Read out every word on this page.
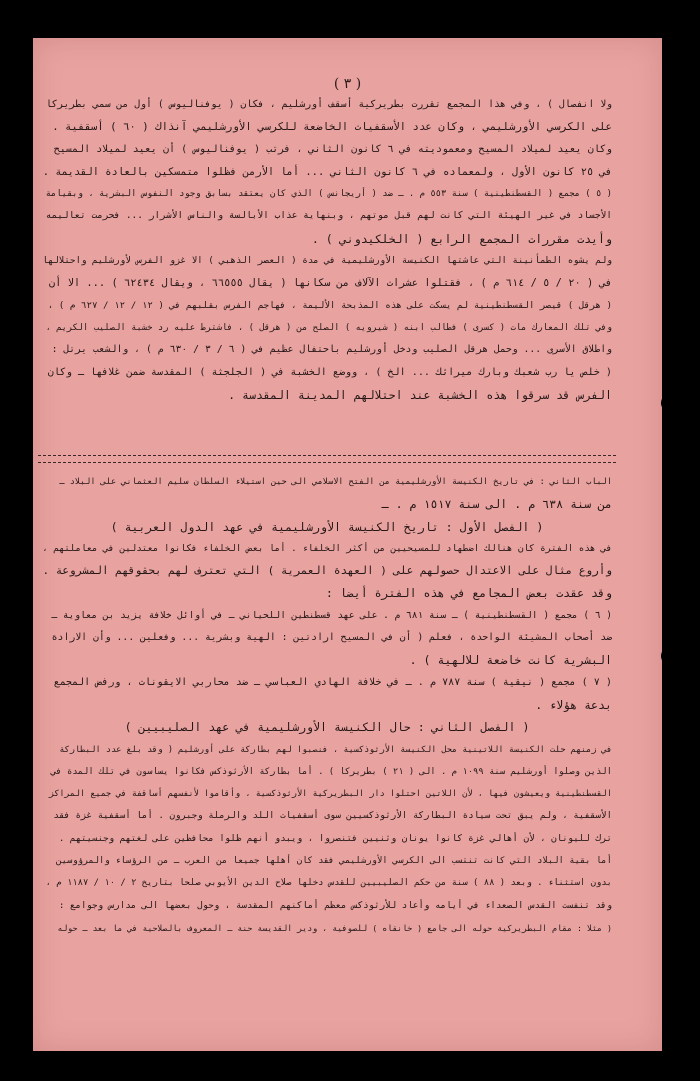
( ٣ )
ولا انفصال ) ، وفي هذا المجمع تقررت بطريركية أسقف أورشليم ، فكان ( يوفناليوس ) أول من سمي بطريركا
على الكرسي الأورشليمي ، وكان عدد الأسقفيات الخاضعة للكرسي الأورشليمي آنذاك ( ٦٠ ) أسقفية .
وكان يعيد لميلاد المسيح ومعموديته في ٦ كانون الثاني ، فرتب ( يوفناليوس ) أن يعيد لميلاد المسيح
في ٢٥ كانون الأول ، ولمعماده في ٦ كانون الثاني ... أما الأرمن فظلوا متمسكين بالعادة القديمة .
( ٥ ) مجمع ( القسطنطينية ) سنة ٥٥٣ م . ـ ضد ( أريجانس ) الذي كان يعتقد بسابق وجود النفوس البشرية ، وبقيامة
الأجساد في غير الهيئة التي كانت لهم قبل موتهم ، وبنهاية عذاب الأبالسة والناس الأشرار ... فحرمت تعاليمه
وأيدت مقررات المجمع الرابع ( الخلكيدوني ) .
ولم يشوه الطمأنينة التي عاشتها الكنيسة الأورشليمية في مدة ( العصر الذهبي ) الا غزو الفرس لأورشليم واحتلالها
في ( ٢٠ / ٥ / ٦١٤ م ) ، فقتلوا عشرات الآلاف من سكانها ( يقال ٦٦٥٥٥ ، ويقال ٦٢٤٣٤ ) ... الا أن
( هرقل ) قيصر القسطنطينية لم يسكت على هذه المذبحة الأليمة ، فهاجم الفرس بقلبهم في ( ١٢ / ١٢ / ٦٢٧ م ) ،
وفي تلك المعارك مات ( كسرى ) فطالب ابنه ( شيرويه ) الصلح من ( هرقل ) ، فاشترط عليه رد خشبة الصليب الكريم ،
واطلاق الأسرى ... وحمل هرقل الصليب ودخل أورشليم باحتفال عظيم في ( ٦ / ٣ / ٦٣٠ م ) ، والشعب يرتل :
( خلص يا رب شعبك وبارك ميراثك ... الخ ) ، ووضع الخشبة في ( الجلجثة ) المقدسة ضمن غلافها ـ وكان
الفرس قد سرقوا هذه الخشبة عند احتلالهم المدينة المقدسة .
الباب الثاني : في تاريخ الكنيسة الأورشليمية من الفتح الاسلامي الى حين استيلاء السلطان سليم العثماني على البلاد ـ
من سنة ٦٣٨ م . الى سنة ١٥١٧ م . ـ
( الفصل الأول : تاريخ الكنيسة الأورشليمية في عهد الدول العربية )
في هذه الفترة كان هنالك اضطهاد للمسيحيين من أكثر الخلفاء . أما بعض الخلفاء فكانوا معتدلين في معاملتهم ،
وأروع مثال على الاعتدال حصولهم على ( العهدة العمرية ) التي تعترف لهم بحقوقهم المشروعة .
وقد عقدت بعض المجامع في هذه الفترة أيضا :
( ٦ ) مجمع ( القسطنطينية ) ـ سنة ٦٨١ م . على عهد قسطنطين اللحياني ـ في أوائل خلافة يزيد بن معاوية ـ
ضد أصحاب المشيئة الواحدة ، فعلم ( أن في المسيح ارادتين : الهية وبشرية ... وفعلين ... وأن الارادة
البشرية كانت خاضعة للالهية ) .
( ٧ ) مجمع ( نيقية ) سنة ٧٨٧ م . ـ في خلافة الهادي العباسي ـ ضد محاربي الايقونات ، ورفض المجمع
بدعة هؤلاء .
( الفصل الثاني : حال الكنيسة الأورشليمية في عهد الصليبيين )
في زمنهم حلت الكنيسة اللاتينية محل الكنيسة الأرثوذكسية ، فنصبوا لهم بطاركة على أورشليم ( وقد بلغ عدد البطاركة
الذين وصلوا أورشليم سنة ١٠٩٩ م . الى ( ٢١ ) بطريركا ) . أما بطاركة الأرثوذكس فكانوا يساسون في تلك المدة في
القسطنطينية ويعيشون فيها ، لأن اللاتين احتلوا دار البطريركية الأرثوذكسية ، وأقاموا لأنفسهم أساقفة في جميع المراكز
الأسقفية ، ولم يبق تحت سيادة البطاركة الأرثوذكسيين سوى أسقفيات اللد والرملة وجبرون . أما أسقفية غزة فقد
ترك لليونان ، لأن أهالي غزة كانوا يونان وثنيين فتنصروا ، ويبدو أنهم ظلوا محافظين على لغتهم وجنسيتهم .
أما بقية البلاد التي كانت تنتسب الى الكرسي الأورشليمي فقد كان أهلها جميعا من العرب ـ من الرؤساء والمرؤوسين
بدون استثناء . وبعد ( ٨٨ ) سنة من حكم الصليبيين للقدس دخلها صلاح الدين الأيوبي صلحا بتاريخ ٢ / ١٠ / ١١٨٧ م ،
وقد تنفست القدس الصعداء في أيامه وأعاد للأرثوذكس معظم أماكنهم المقدسة ، وحول بعضها الى مدارس وجوامع :
( مثلا : مقام البطريركية حوله الى جامع ( خانقاه ) للصوفية ، ودير القديسة حنة ـ المعروف بالصلاحية في ما بعد ـ حوله
